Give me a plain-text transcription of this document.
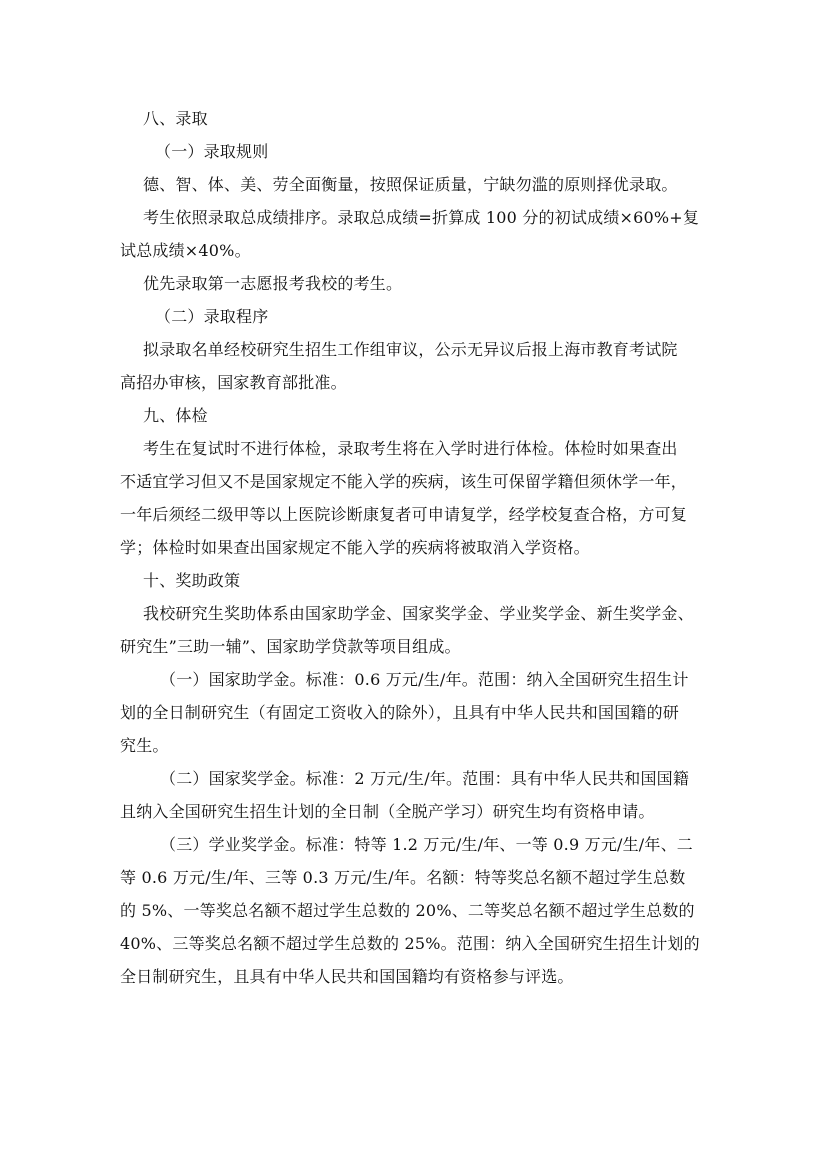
八、录取
（一）录取规则
德、智、体、美、劳全面衡量，按照保证质量，宁缺勿滥的原则择优录取。
考生依照录取总成绩排序。录取总成绩=折算成 100 分的初试成绩×60%+复
试总成绩×40%。
优先录取第一志愿报考我校的考生。
（二）录取程序
拟录取名单经校研究生招生工作组审议，公示无异议后报上海市教育考试院
高招办审核，国家教育部批准。
九、体检
考生在复试时不进行体检，录取考生将在入学时进行体检。体检时如果查出
不适宜学习但又不是国家规定不能入学的疾病，该生可保留学籍但须休学一年，
一年后须经二级甲等以上医院诊断康复者可申请复学，经学校复查合格，方可复
学；体检时如果查出国家规定不能入学的疾病将被取消入学资格。
十、奖助政策
我校研究生奖助体系由国家助学金、国家奖学金、学业奖学金、新生奖学金、
研究生”三助一辅”、国家助学贷款等项目组成。
（一）国家助学金。标准：0.6 万元/生/年。范围：纳入全国研究生招生计
划的全日制研究生（有固定工资收入的除外），且具有中华人民共和国国籍的研
究生。
（二）国家奖学金。标准：2 万元/生/年。范围：具有中华人民共和国国籍
且纳入全国研究生招生计划的全日制（全脱产学习）研究生均有资格申请。
（三）学业奖学金。标准：特等 1.2 万元/生/年、一等 0.9 万元/生/年、二
等 0.6 万元/生/年、三等 0.3 万元/生/年。名额：特等奖总名额不超过学生总数
的 5%、一等奖总名额不超过学生总数的 20%、二等奖总名额不超过学生总数的
40%、三等奖总名额不超过学生总数的 25%。范围：纳入全国研究生招生计划的
全日制研究生，且具有中华人民共和国国籍均有资格参与评选。
